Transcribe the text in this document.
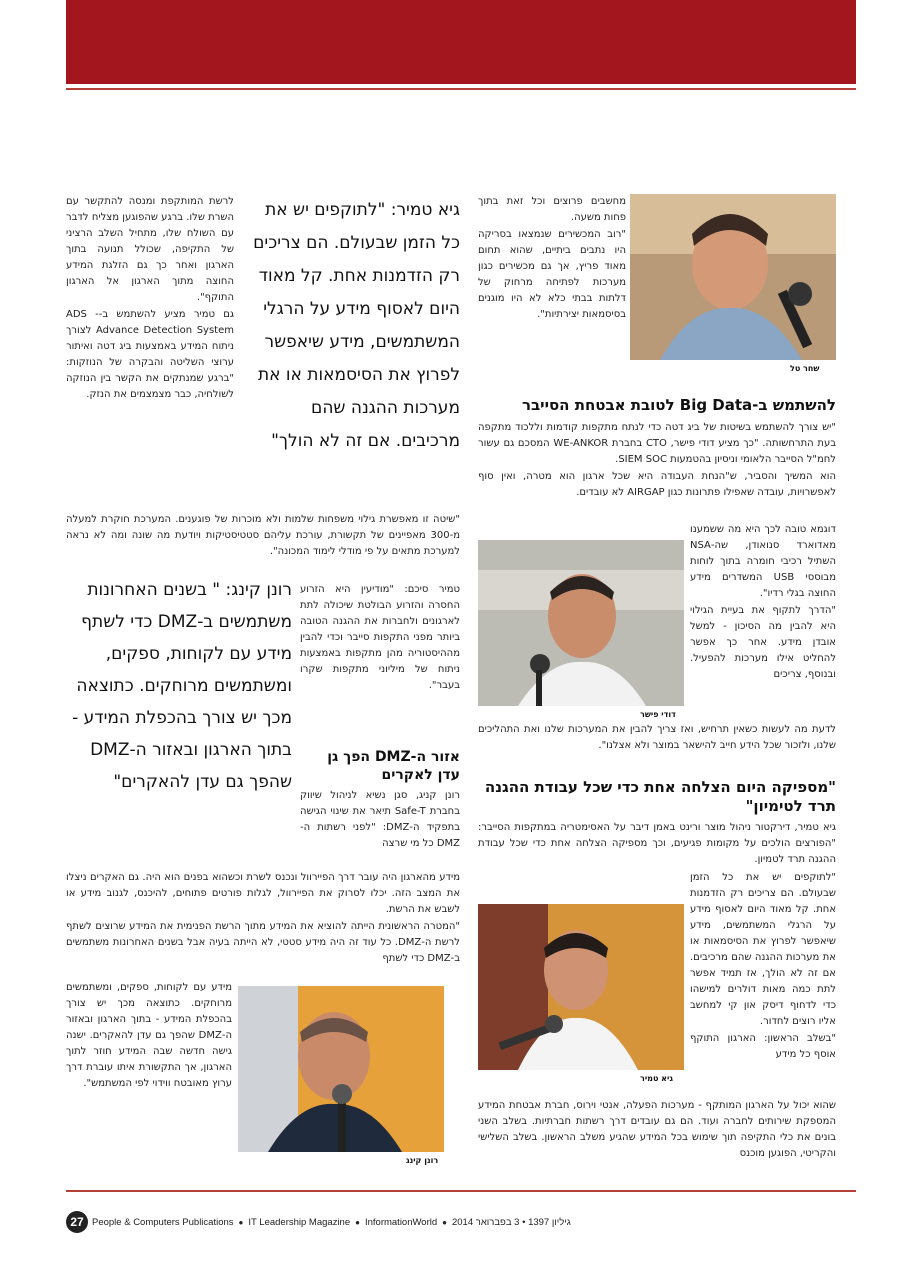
מחשבים פרוצים וכל זאת בתוך פחות משעה.

"רוב המכשירים שנמצאו בסריקה היו נתבים ביתיים, שהוא תחום מאוד פריץ, אך גם מכשירים כגון מערכות לפתיחה מרחוק של דלתות בבתי כלא לא היו מוגנים בסיסמאות יצירתיות".

שחר טל
להשתמש ב-Big Data לטובת אבטחת הסייבר

"יש צורך להשתמש בשיטות של ביג דטה כדי לנתח מתקפות קודמות וללכוד מתקפה בעת התרחשותה. "כך מציע דודי פישר, CTO בחברת WE-ANKOR המסכם גם עשור לחמ"ל הסייבר הלאומי וניסיון בהטמעות SIEM SOC.

הוא המשיך והסביר, ש"הנחת העבודה היא שכל ארגון הוא מטרה, ואין סוף לאפשרויות, עובדה שאפילו פתרונות כגון AIRGAP לא עובדים.

דוגמא טובה לכך היא מה ששמענו מאדוארד סנואודן, שה-NSA השתיל רכיבי חומרה בתוך לוחות מבוססי USB המשדרים מידע החוצה בגלי רדיו".

"הדרך לתקוף את בעיית הגילוי היא להבין מה הסיכון - למשל אובדן מידע. אחר כך אפשר להחליט אילו מערכות להפעיל. ובנוסף, צריכים

דודי פישר

לדעת מה לעשות כשאין תרחיש, ואז צריך להבין את המערכות שלנו ואת התהליכים שלנו, ולזכור שכל הידע חייב להישאר במוצר ולא אצלנו".

"מספיקה היום הצלחה אחת כדי שכל עבודת ההגנה תרד לטימיון"

גיא טמיר, דירקטור ניהול מוצר ורינט באמן דיבר על האסימטריה במתקפות הסייבר: "הפורצים הולכים על מקומות פגיעים, וכך מספיקה הצלחה אחת כדי שכל עבודת ההגנה תרד לטמיון.

"לתוקפים יש את כל הזמן שבעולם. הם צריכים רק הזדמנות אחת. קל מאוד היום לאסוף מידע על הרגלי המשתמשים, מידע שיאפשר לפרוץ את הסיסמאות או את מערכות ההגנה שהם מרכיבים. אם זה לא הולך, אז תמיד אפשר לתת כמה מאות דולרים למישהו כדי לדחוף דיסק און קי למחשב אליו רוצים לחדור.

"בשלב הראשון: הארגון התוקף אוסף כל מידע

גיא טמיר

שהוא יכול על הארגון המותקף - מערכות הפעלה, אנטי וירוס, חברת אבטחת המידע המספקת שירותים לחברה ועוד. הם גם עובדים דרך רשתות חברתיות. בשלב השני בונים את כלי התקיפה תוך שימוש בכל המידע שהגיע משלב הראשון. בשלב השלישי והקריטי, הפוגען מוכנס

גיא טמיר: "לתוקפים יש את כל הזמן שבעולם. הם צריכים רק הזדמנות אחת. קל מאוד היום לאסוף מידע על הרגלי המשתמשים, מידע שיאפשר לפרוץ את הסיסמאות או את מערכות ההגנה שהם מרכיבים. אם זה לא הולך"

לרשת המותקפת ומנסה להתקשר עם השרת שלו. ברגע שהפוגען מצליח לדבר עם השולח שלו, מתחיל השלב הרציני של התקיפה, שכולל תנועה בתוך הארגון ואחר כך גם הזלגת המידע החוצה מתוך הארגון אל הארגון התוקף".

גם טמיר מציע להשתמש ב-ADS - Advance Detection System לצורך ניתוח המידע באמצעות ביג דטה ואיתור ערוצי השליטה והבקרה של הנוזקות: "ברגע שמנתקים את הקשר בין הנוזקה לשולחיה, כבר מצמצמים את הנזק.

"שיטה זו מאפשרת גילוי משפחות שלמות ולא מוכרות של פוגענים. המערכת חוקרת למעלה מ-300 מאפיינים של תקשורת, עורכת עליהם סטטיסטיקות ויודעת מה שונה ומה לא נראה למערכת מתאים על פי מודלי לימוד המכונה".

רונן קינג: " בשנים האחרונות משתמשים ב-DMZ כדי לשתף מידע עם לקוחות, ספקים, ומשתמשים מרוחקים. כתוצאה מכך יש צורך בהכפלת המידע - בתוך הארגון ובאזור ה-DMZ שהפך גם עדן להאקרים"

טמיר סיכם: "מודיעין היא הזרוע החסרה והזרוע הבולטת שיכולה לתת לארגונים ולחברות את ההגנה הטובה ביותר מפני התקפות סייבר וכדי להבין מההיסטוריה מהן מתקפות באמצעות ניתוח של מיליוני מתקפות שקרו בעבר".

אזור ה-DMZ הפך גן עדן לאקרים

רונן קניג, סגן נשיא לניהול שיווק בחברת Safe-T תיאר את שינוי הגישה בתפקיד ה-DMZ: "לפני רשתות ה-DMZ כל מי שרצה

מידע מהארגון היה עובר דרך הפיירוול ונכנס לשרת וכשהוא בפנים הוא היה. גם האקרים ניצלו את המצב הזה. יכלו לסרוק את הפיירוול, לגלות פורטים פתוחים, להיכנס, לגנוב מידע או לשבש את הרשת.

"המטרה הראשונית הייתה להוציא את המידע מתוך הרשת הפנימית את המידע שרוצים לשתף לרשת ה-DMZ. כל עוד זה היה מידע סטטי, לא הייתה בעיה אבל בשנים האחרונות משתמשים ב-DMZ כדי לשתף

מידע עם לקוחות, ספקים, ומשתמשים מרוחקים. כתוצאה מכך יש צורך בהכפלת המידע - בתוך הארגון ובאזור ה-DMZ שהפך גם עדן להאקרים. ישנה גישה חדשה שבה המידע חוזר לתוך הארגון, אך התקשורת איתו עוברת דרך ערוץ מאובטח ווידוי לפי המשתמש".

רונן קינג
27 People & Computers Publications ● IT Leadership Magazine ● InformationWorld ● גיליון 1397 • 3 בפברואר 2014
